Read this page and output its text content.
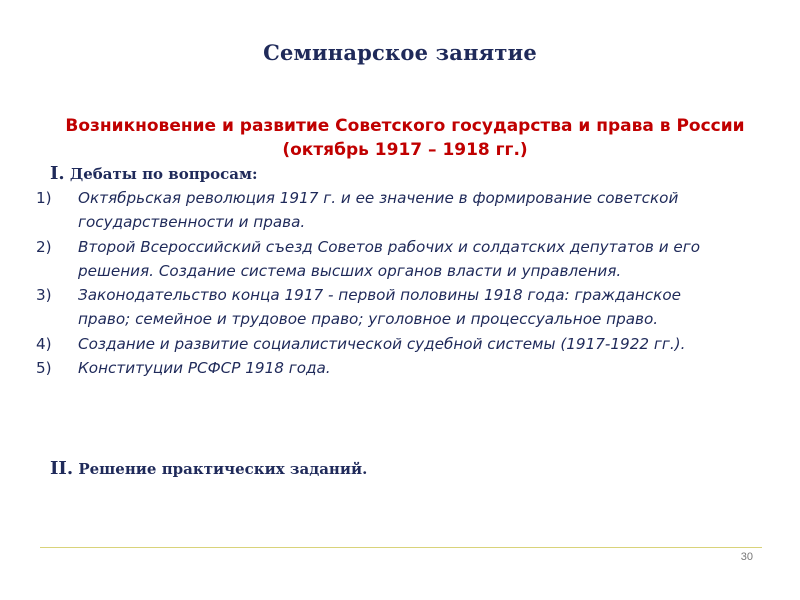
Семинарское занятие
Возникновение и развитие Советского государства и права в России (октябрь 1917 – 1918 гг.)
I. Дебаты по вопросам:
1)	Октябрьская революция 1917 г. и ее значение в формирование советской государственности и права.
2)	Второй Всероссийский съезд Советов рабочих и солдатских депутатов и его решения. Создание система высших органов власти и управления.
3)	Законодательство конца 1917 - первой половины 1918 года: гражданское право; семейное и трудовое право; уголовное и процессуальное право.
4)	Создание и развитие социалистической судебной системы (1917-1922 гг.).
5)	Конституции РСФСР 1918 года.
II. Решение практических заданий.
30
